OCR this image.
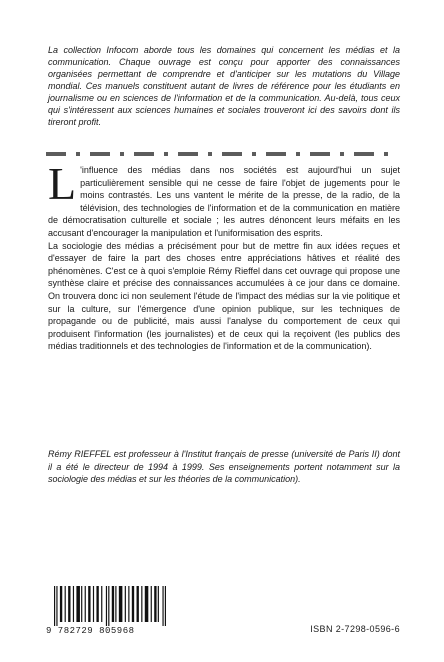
La collection Infocom aborde tous les domaines qui concernent les médias et la communication. Chaque ouvrage est conçu pour apporter des connaissances organisées permettant de comprendre et d'anticiper sur les mutations du Village mondial. Ces manuels constituent autant de livres de référence pour les étudiants en journalisme ou en sciences de l'information et de la communication. Au-delà, tous ceux qui s'intéressent aux sciences humaines et sociales trouveront ici des savoirs dont ils tireront profit.

L 'influence des médias dans nos sociétés est aujourd'hui un sujet particulièrement sensible qui ne cesse de faire l'objet de jugements pour le moins contrastés. Les uns vantent le mérite de la presse, de la radio, de la télévision, des technologies de l'information et de la communication en matière de démocratisation culturelle et sociale ; les autres dénoncent leurs méfaits en les accusant d'encourager la manipulation et l'uniformisation des esprits.

La sociologie des médias a précisément pour but de mettre fin aux idées reçues et d'essayer de faire la part des choses entre appréciations hâtives et réalité des phénomènes. C'est ce à quoi s'emploie Rémy Rieffel dans cet ouvrage qui propose une synthèse claire et précise des connaissances accumulées à ce jour dans ce domaine. On trouvera donc ici non seulement l'étude de l'impact des médias sur la vie politique et sur la culture, sur l'émergence d'une opinion publique, sur les techniques de propagande ou de publicité, mais aussi l'analyse du comportement de ceux qui produisent l'information (les journalistes) et de ceux qui la reçoivent (les publics des médias traditionnels et des technologies de l'information et de la communication).

Rémy RIEFFEL est professeur à l'Institut français de presse (université de Paris II) dont il a été le directeur de 1994 à 1999. Ses enseignements portent notamment sur la sociologie des médias et sur les théories de la communication).

9 782729 805968	ISBN 2-7298-0596-6
